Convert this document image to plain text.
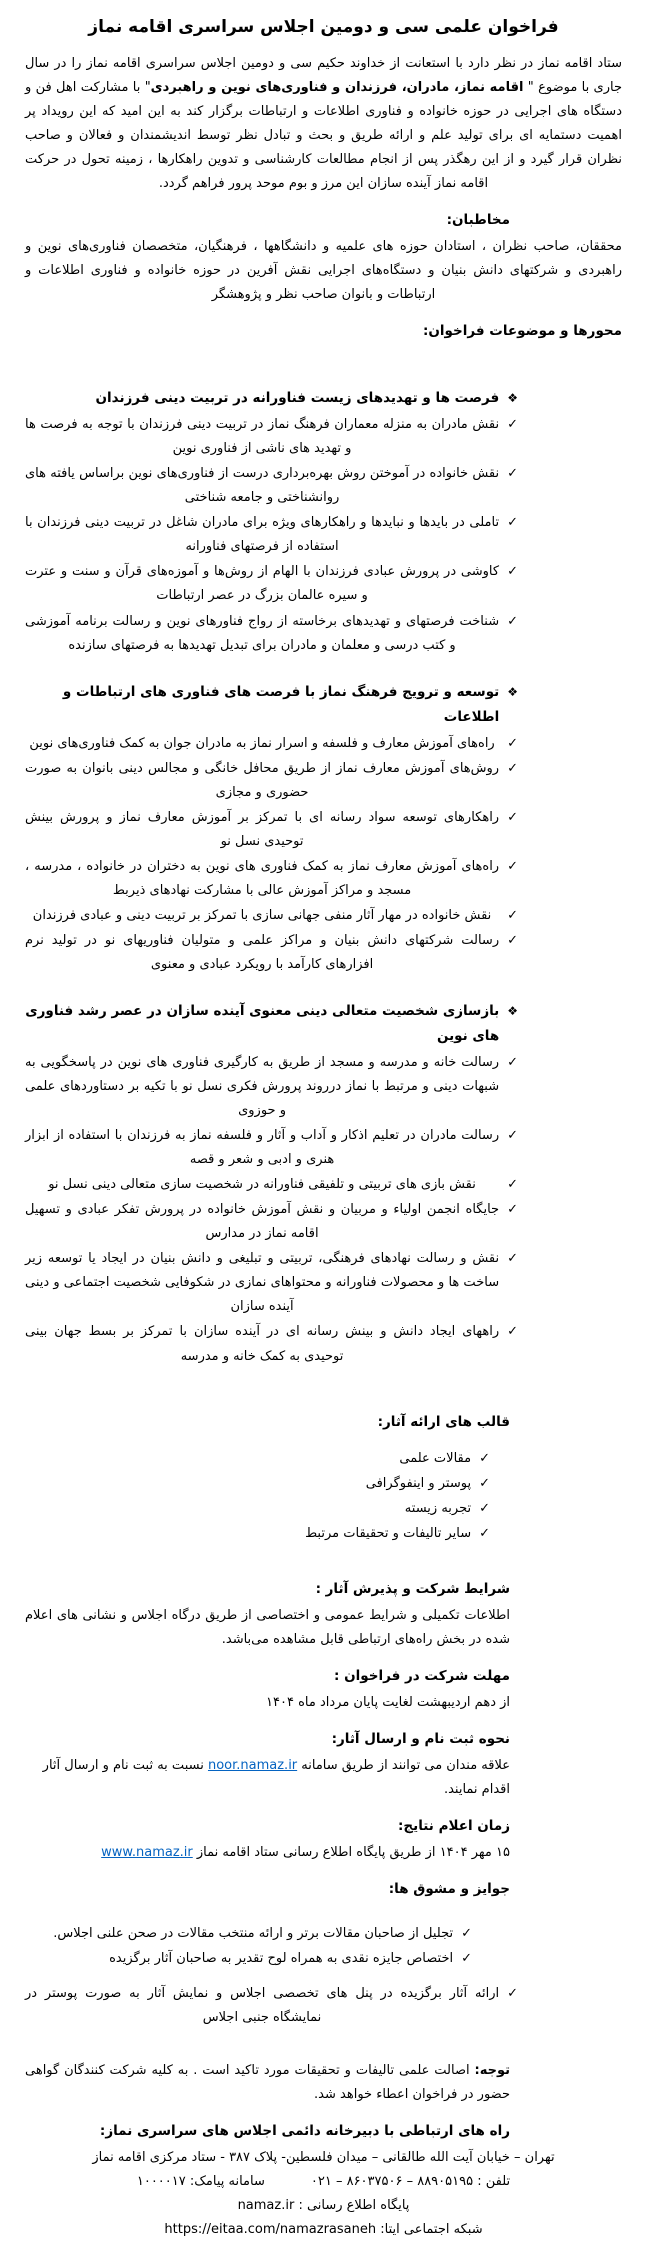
فراخوان علمی سی و دومین اجلاس سراسری اقامه نماز

ستاد اقامه نماز در نظر دارد با استعانت از خداوند حکیم سی و دومین اجلاس سراسری اقامه نماز را در سال جاری با موضوع " اقامه نماز، مادران، فرزندان و فناوری‌های نوین و راهبردی" با مشارکت اهل فن و دستگاه های اجرایی در حوزه خانواده و فناوری اطلاعات و ارتباطات برگزار کند به این امید که این رویداد پر اهمیت دستمایه ای برای تولید علم و ارائه طریق و بحث و تبادل نظر توسط اندیشمندان و فعالان و صاحب نظران قرار گیرد و از این رهگذر پس از انجام مطالعات کارشناسی و تدوین راهکارها ، زمینه تحول در حرکت اقامه نماز آینده سازان این مرز و بوم موحد پرور فراهم گردد.

مخاطبان:

محققان، صاحب نظران ، استادان حوزه های علمیه و دانشگاهها ، فرهنگیان، متخصصان فناوری‌های نوین و راهبردی و شرکتهای دانش بنیان و دستگاه‌های اجرایی نقش آفرین در حوزه خانواده و فناوری اطلاعات و ارتباطات و بانوان صاحب نظر و پژوهشگر

محورها و موضوعات فراخوان:
❖
فرصت ها و تهدیدهای زیست فناورانه در تربیت دینی فرزندان
✓
نقش مادران به منزله معماران فرهنگ نماز در تربیت دینی فرزندان با توجه به فرصت ها و تهدید های ناشی از فناوری نوین
✓
نقش خانواده در آموختن روش بهره‌برداری درست از فناوری‌های نوین براساس یافته های روانشناختی و جامعه شناختی
✓
تاملی در بایدها و نبایدها و راهکارهای ویژه برای مادران شاغل در تربیت دینی فرزندان با استفاده از فرصتهای فناورانه
✓
کاوشی در پرورش عبادی فرزندان با الهام از روش‌ها و آموزه‌های قرآن و سنت و عترت و سیره عالمان بزرگ در عصر ارتباطات
✓
شناخت فرصتهای و تهدیدهای برخاسته از رواج فناورهای نوین و رسالت برنامه آموزشی و کتب درسی و معلمان و مادران برای تبدیل تهدیدها به فرصتهای سازنده
❖
توسعه و ترویج فرهنگ نماز با فرصت های فناوری های ارتباطات و اطلاعات
✓
راه‌های آموزش معارف و فلسفه و اسرار نماز به مادران جوان به کمک فناوری‌های نوین
✓
روش‌های آموزش معارف نماز از طریق محافل خانگی و مجالس دینی بانوان به صورت حضوری و مجازی
✓
راهکارهای توسعه سواد رسانه ای با تمرکز بر آموزش معارف نماز و پرورش بینش توحیدی نسل نو
✓
راه‌های آموزش معارف نماز به کمک فناوری های نوین به دختران در خانواده ، مدرسه ، مسجد و مراکز آموزش عالی با مشارکت نهادهای ذیربط
✓
نقش خانواده در مهار آثار منفی جهانی سازی با تمرکز بر تربیت دینی و عبادی فرزندان
✓
رسالت شرکتهای دانش بنیان و مراکز علمی و متولیان فناوریهای نو در تولید نرم افزارهای کارآمد با رویکرد عبادی و معنوی
❖
بازسازی شخصیت متعالی دینی معنوی آینده سازان در عصر رشد فناوری های نوین
✓
رسالت خانه و مدرسه و مسجد از طریق به کارگیری فناوری های نوین در پاسخگویی به شبهات دینی و مرتبط با نماز درروند پرورش فکری نسل نو با تکیه بر دستاوردهای علمی و حوزوی
✓
رسالت مادران در تعلیم اذکار و آداب و آثار و فلسفه نماز به فرزندان با استفاده از ابزار هنری و ادبی و شعر و قصه
✓
نقش بازی های تربیتی و تلفیقی فناورانه در شخصیت سازی متعالی دینی نسل نو
✓
جایگاه انجمن اولیاء و مربیان و نقش آموزش خانواده در پرورش تفکر عبادی و تسهیل اقامه نماز در مدارس
✓
نقش و رسالت نهادهای فرهنگی، تربیتی و تبلیغی و دانش بنیان در ایجاد یا توسعه زیر ساخت ها و محصولات فناورانه و محتواهای نمازی در شکوفایی شخصیت اجتماعی و دینی آینده سازان
✓
راههای ایجاد دانش و بینش رسانه ای در آینده سازان با تمرکز بر بسط جهان بینی توحیدی به کمک خانه و مدرسه
قالب های ارائه آثار:
✓
مقالات علمی
✓
پوستر و اینفوگرافی
✓
تجربه زیسته
✓
سایر تالیفات و تحقیقات مرتبط
شرایط شرکت و پذیرش آثار :

اطلاعات تکمیلی و شرایط عمومی و اختصاصی از طریق درگاه اجلاس و نشانی های اعلام شده در بخش راه‌های ارتباطی قابل مشاهده می‌باشد.

مهلت شرکت در فراخوان :

از دهم اردیبهشت لغایت پایان مرداد ماه ۱۴۰۴

نحوه ثبت نام و ارسال آثار:

علاقه مندان می توانند از طریق سامانه noor.namaz.ir نسبت به ثبت نام و ارسال آثار اقدام نمایند.

زمان اعلام نتایج:

۱۵ مهر ۱۴۰۴ از طریق پایگاه اطلاع رسانی ستاد اقامه نماز www.namaz.ir

جوایز و مشوق ها:
✓
تجلیل از صاحبان مقالات برتر و ارائه منتخب مقالات در صحن علنی اجلاس.
✓
اختصاص جایزه نقدی به همراه لوح تقدیر به صاحبان آثار برگزیده
✓
ارائه آثار برگزیده در پنل های تخصصی اجلاس و نمایش آثار به صورت پوستر در نمایشگاه جنبی اجلاس

توجه: اصالت علمی تالیفات و تحقیقات مورد تاکید است . به کلیه شرکت کنندگان گواهی حضور در فراخوان اعطاء خواهد شد.

راه های ارتباطی با دبیرخانه دائمی اجلاس های سراسری نماز:

تهران – خیابان آیت الله طالقانی – میدان فلسطین- پلاک ۳۸۷ - ستاد مرکزی اقامه نماز

تلفن : ۸۸۹۰۵۱۹۵ – ۸۶۰۳۷۵۰۶ – ۰۲۱سامانه پیامک: ۱۰۰۰۰۱۷

پایگاه اطلاع رسانی : namaz.ir

شبکه اجتماعی ایتا: https://eitaa.com/namazrasaneh
